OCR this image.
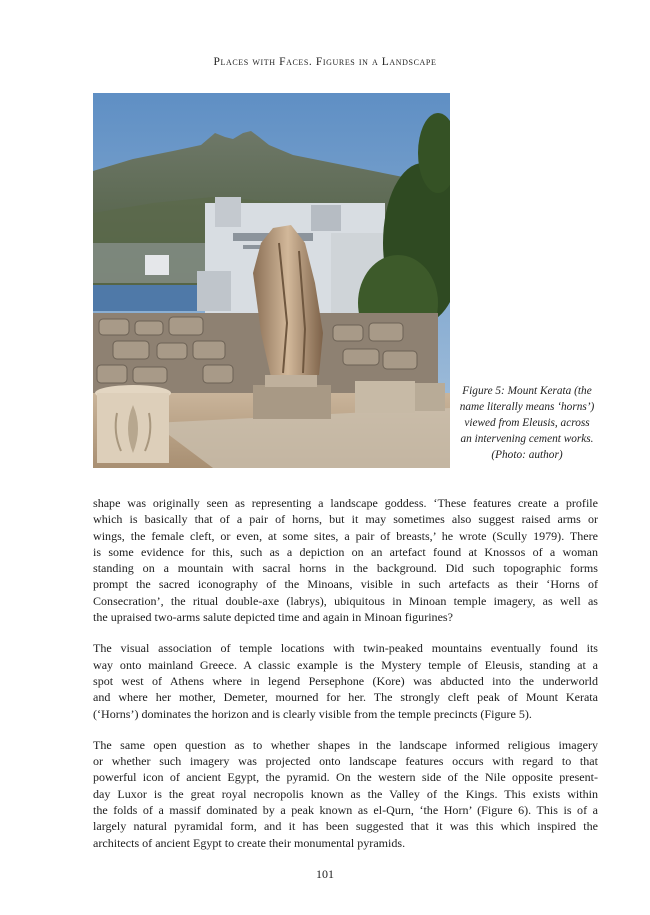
Places with Faces. Figures in a Landscape
Figure 5: Mount Kerata (the
name literally means ‘horns’)
viewed from Eleusis, across
an intervening cement works.
(Photo: author)

shape was originally seen as representing a landscape goddess. ‘These features create a profile
which is basically that of a pair of horns, but it may sometimes also suggest raised arms or
wings, the female cleft, or even, at some sites, a pair of breasts,’ he wrote (Scully 1979). There
is some evidence for this, such as a depiction on an artefact found at Knossos of a woman
standing on a mountain with sacral horns in the background. Did such topographic forms
prompt the sacred iconography of the Minoans, visible in such artefacts as their ‘Horns of
Consecration’, the ritual double-axe (labrys), ubiquitous in Minoan temple imagery, as well as
the upraised two-arms salute depicted time and again in Minoan figurines?

The visual association of temple locations with twin-peaked mountains eventually found its
way onto mainland Greece. A classic example is the Mystery temple of Eleusis, standing at a
spot west of Athens where in legend Persephone (Kore) was abducted into the underworld
and where her mother, Demeter, mourned for her. The strongly cleft peak of Mount Kerata
(‘Horns’) dominates the horizon and is clearly visible from the temple precincts (Figure 5).

The same open question as to whether shapes in the landscape informed religious imagery
or whether such imagery was projected onto landscape features occurs with regard to that
powerful icon of ancient Egypt, the pyramid. On the western side of the Nile opposite present-
day Luxor is the great royal necropolis known as the Valley of the Kings. This exists within
the folds of a massif dominated by a peak known as el-Qurn, ‘the Horn’ (Figure 6). This is of a
largely natural pyramidal form, and it has been suggested that it was this which inspired the
architects of ancient Egypt to create their monumental pyramids.

101
